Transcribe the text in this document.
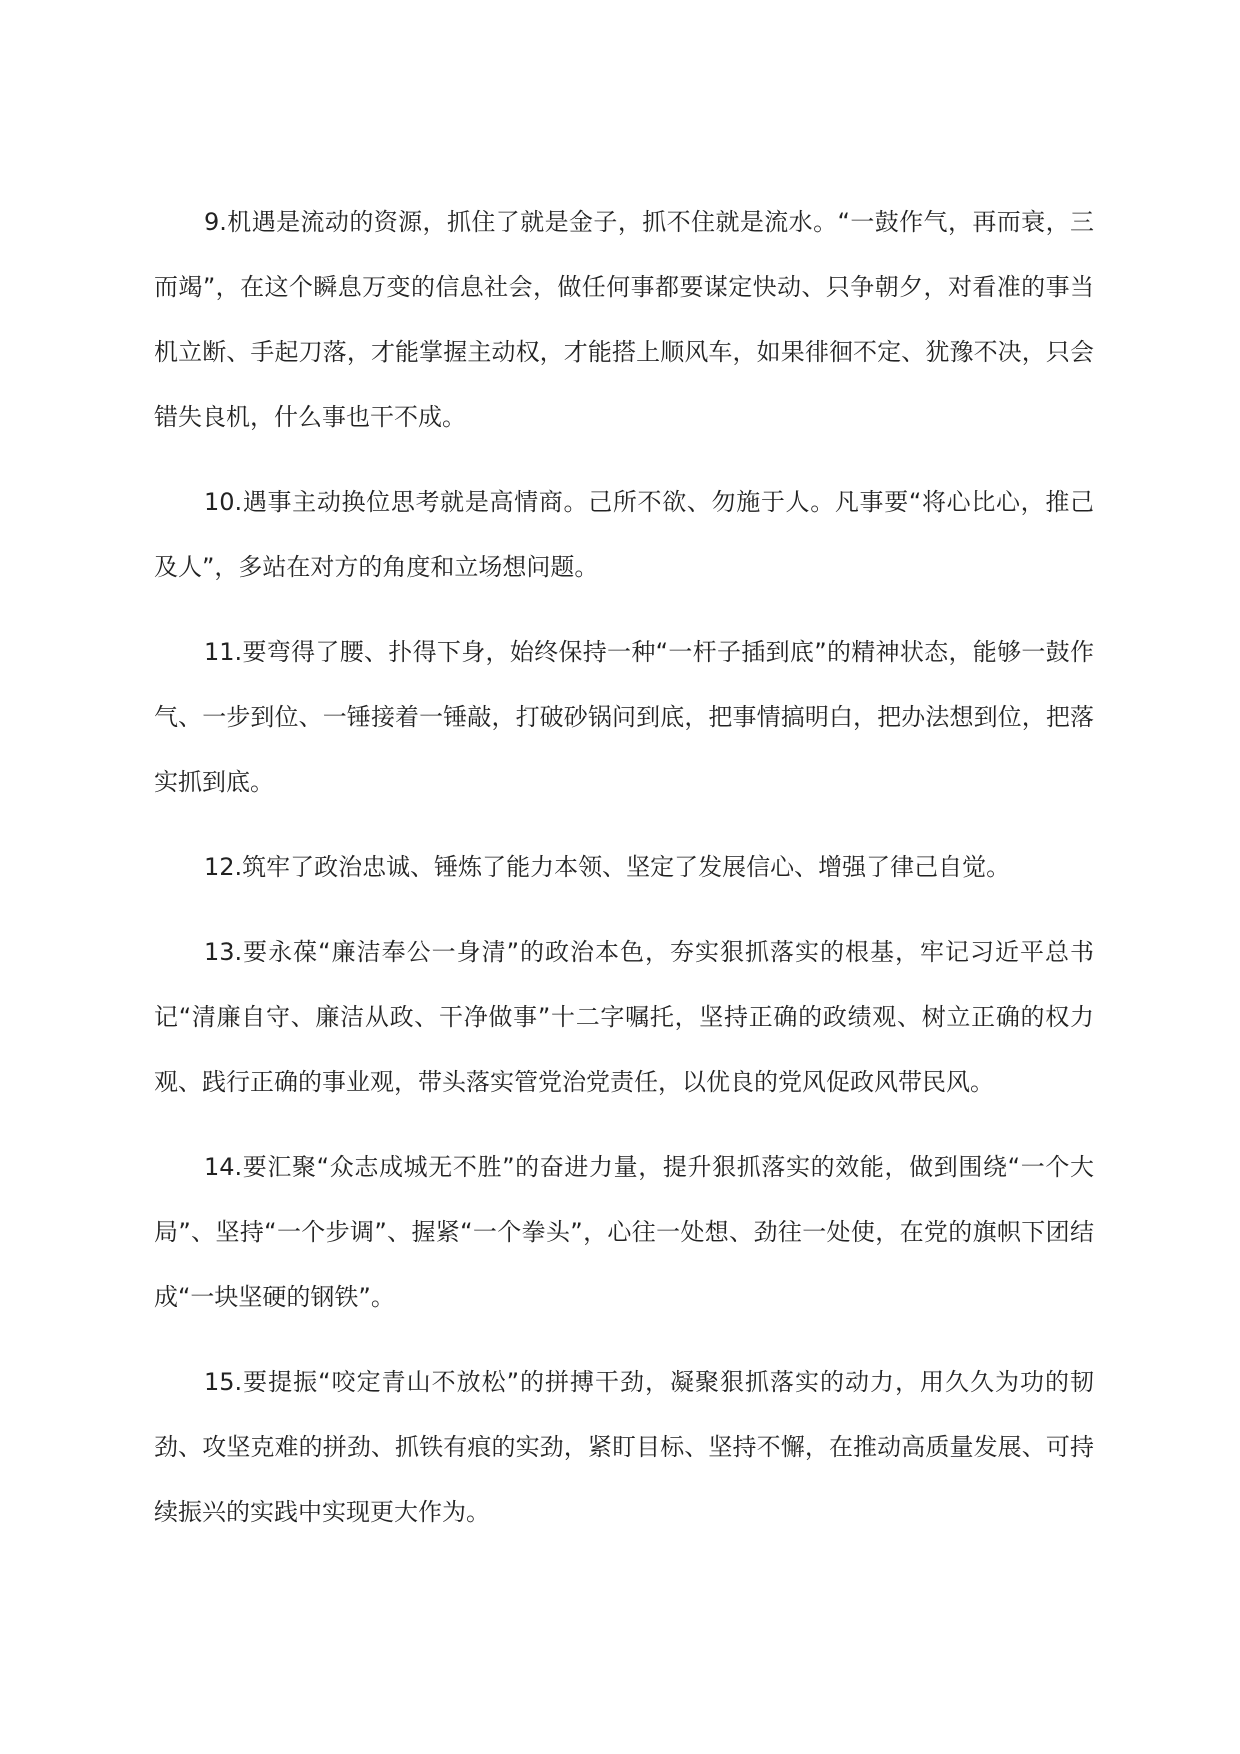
9.机遇是流动的资源，抓住了就是金子，抓不住就是流水。“一鼓作气，再而衰，三而竭”，在这个瞬息万变的信息社会，做任何事都要谋定快动、只争朝夕，对看准的事当机立断、手起刀落，才能掌握主动权，才能搭上顺风车，如果徘徊不定、犹豫不决，只会错失良机，什么事也干不成。

10.遇事主动换位思考就是高情商。己所不欲、勿施于人。凡事要“将心比心，推己及人”，多站在对方的角度和立场想问题。

11.要弯得了腰、扑得下身，始终保持一种“一杆子插到底”的精神状态，能够一鼓作气、一步到位、一锤接着一锤敲，打破砂锅问到底，把事情搞明白，把办法想到位，把落实抓到底。

12.筑牢了政治忠诚、锤炼了能力本领、坚定了发展信心、增强了律己自觉。

13.要永葆“廉洁奉公一身清”的政治本色，夯实狠抓落实的根基，牢记习近平总书记“清廉自守、廉洁从政、干净做事”十二字嘱托，坚持正确的政绩观、树立正确的权力观、践行正确的事业观，带头落实管党治党责任，以优良的党风促政风带民风。

14.要汇聚“众志成城无不胜”的奋进力量，提升狠抓落实的效能，做到围绕“一个大局”、坚持“一个步调”、握紧“一个拳头”，心往一处想、劲往一处使，在党的旗帜下团结成“一块坚硬的钢铁”。

15.要提振“咬定青山不放松”的拼搏干劲，凝聚狠抓落实的动力，用久久为功的韧劲、攻坚克难的拼劲、抓铁有痕的实劲，紧盯目标、坚持不懈，在推动高质量发展、可持续振兴的实践中实现更大作为。
